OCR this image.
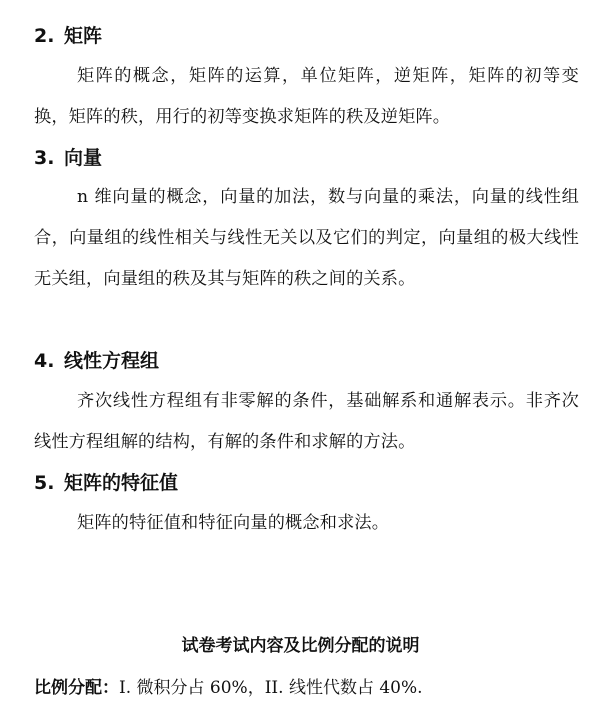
2. 矩阵
矩阵的概念，矩阵的运算，单位矩阵，逆矩阵，矩阵的初等变换，矩阵的秩，用行的初等变换求矩阵的秩及逆矩阵。
3. 向量
n 维向量的概念，向量的加法，数与向量的乘法，向量的线性组合，向量组的线性相关与线性无关以及它们的判定，向量组的极大线性无关组，向量组的秩及其与矩阵的秩之间的关系。
4. 线性方程组
齐次线性方程组有非零解的条件，基础解系和通解表示。非齐次线性方程组解的结构，有解的条件和求解的方法。
5. 矩阵的特征值
矩阵的特征值和特征向量的概念和求法。
试卷考试内容及比例分配的说明
比例分配：I. 微积分占 60%，II. 线性代数占 40%.
